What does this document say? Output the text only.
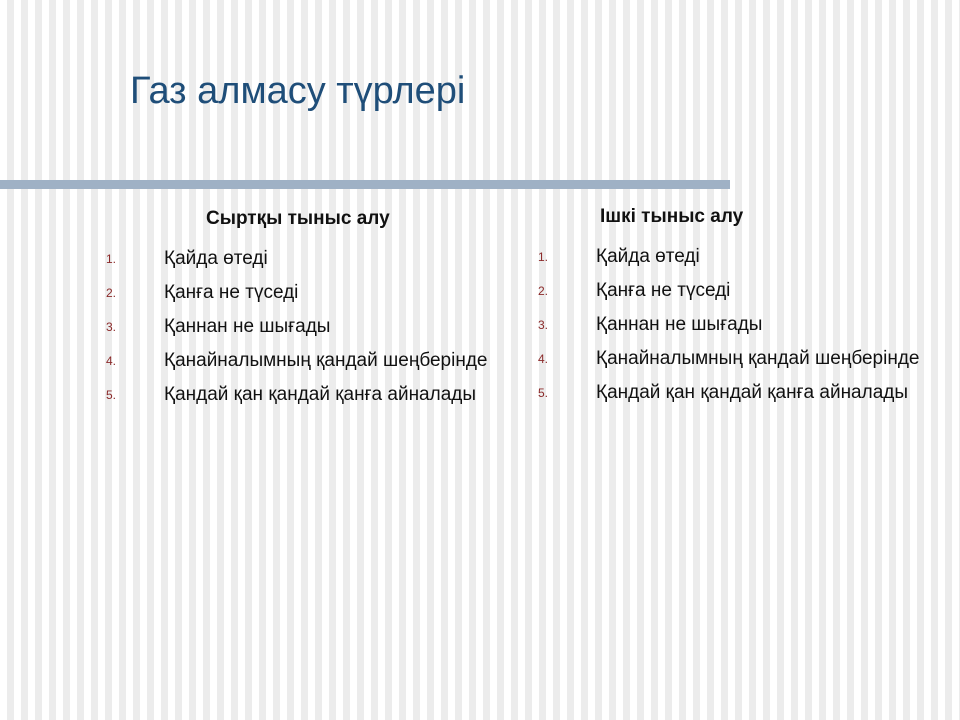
Газ алмасу түрлері
Сыртқы тыныс алу
1.	Қайда өтеді
2.	Қанға не түседі
3.	Қаннан не шығады
4.	Қанайналымның қандай шеңберінде
5.	Қандай қан қандай қанға айналады
Ішкі тыныс алу
1.	Қайда өтеді
2.	Қанға не түседі
3.	Қаннан не шығады
4.	Қанайналымның қандай шеңберінде
5.	Қандай қан қандай қанға айналады
